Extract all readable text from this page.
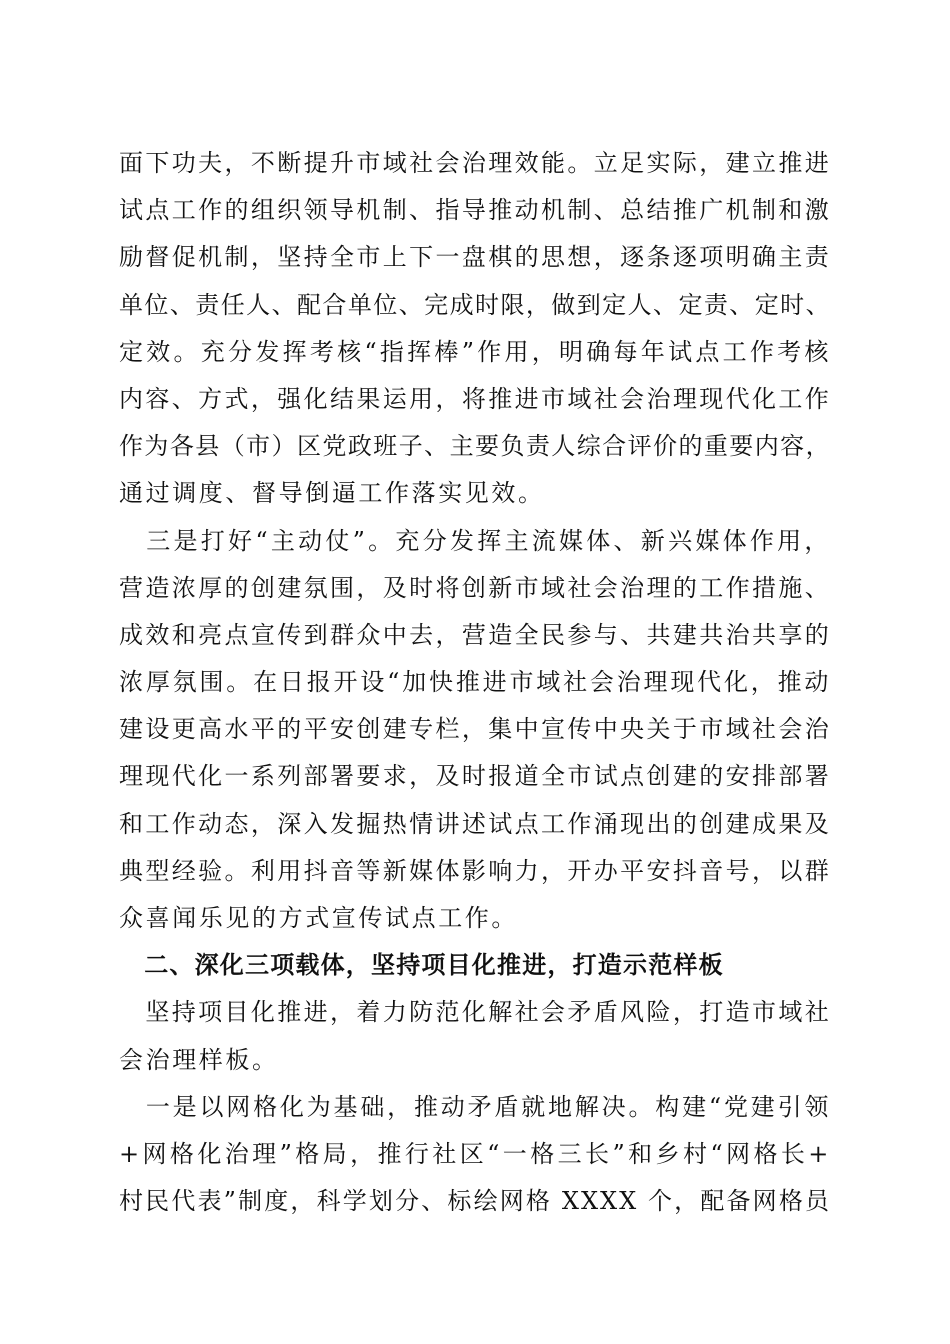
面下功夫，不断提升市域社会治理效能。立足实际，建立推进
试点工作的组织领导机制、指导推动机制、总结推广机制和激
励督促机制，坚持全市上下一盘棋的思想，逐条逐项明确主责
单位、责任人、配合单位、完成时限，做到定人、定责、定时、
定效。充分发挥考核“指挥棒”作用，明确每年试点工作考核
内容、方式，强化结果运用，将推进市域社会治理现代化工作
作为各县（市）区党政班子、主要负责人综合评价的重要内容，
通过调度、督导倒逼工作落实见效。
　三是打好“主动仗”。充分发挥主流媒体、新兴媒体作用，
营造浓厚的创建氛围，及时将创新市域社会治理的工作措施、
成效和亮点宣传到群众中去，营造全民参与、共建共治共享的
浓厚氛围。在日报开设“加快推进市域社会治理现代化，推动
建设更高水平的平安创建专栏，集中宣传中央关于市域社会治
理现代化一系列部署要求，及时报道全市试点创建的安排部署
和工作动态，深入发掘热情讲述试点工作涌现出的创建成果及
典型经验。利用抖音等新媒体影响力，开办平安抖音号，以群
众喜闻乐见的方式宣传试点工作。
　二、深化三项载体，坚持项目化推进，打造示范样板
　坚持项目化推进，着力防范化解社会矛盾风险，打造市域社
会治理样板。
　一是以网格化为基础，推动矛盾就地解决。构建“党建引领
+网格化治理”格局，推行社区“一格三长”和乡村“网格长+
村民代表”制度，科学划分、标绘网格 XXXX 个，配备网格员
